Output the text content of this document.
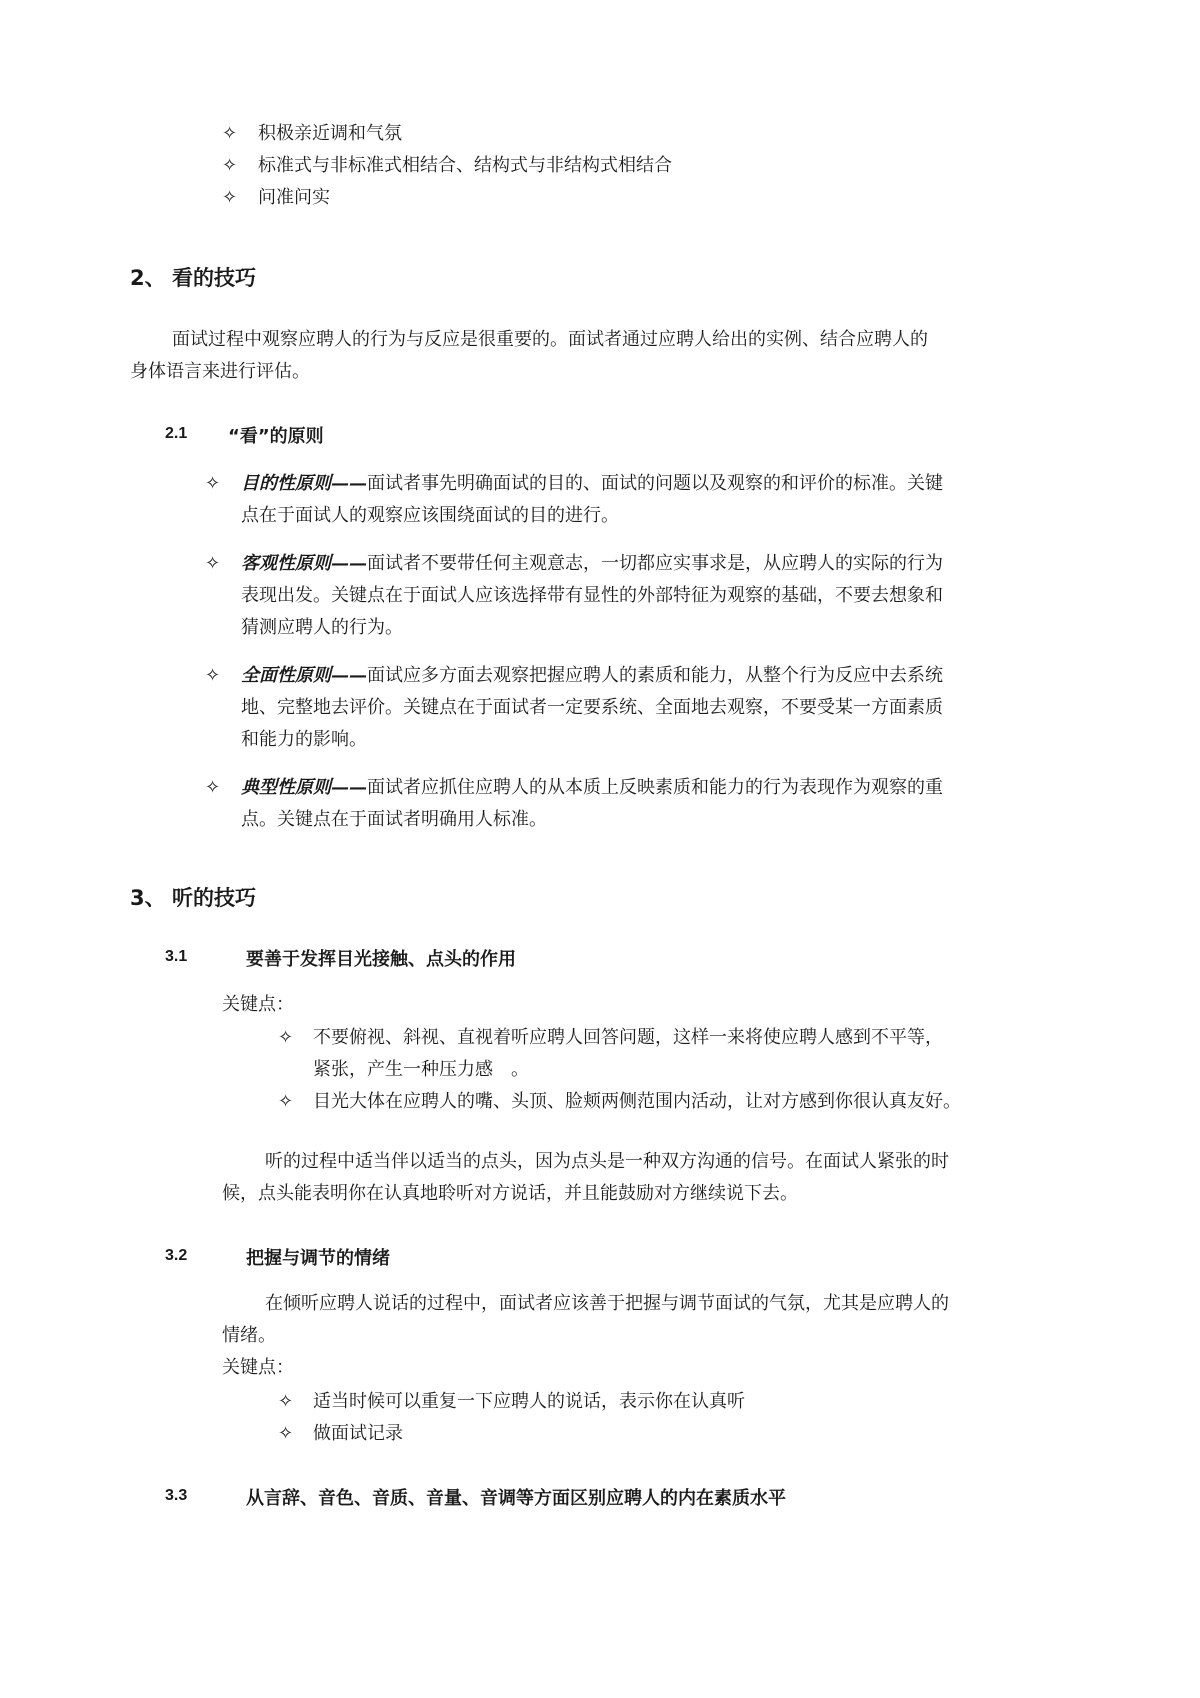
✧ 积极亲近调和气氛
✧ 标准式与非标准式相结合、结构式与非结构式相结合
✧ 问准问实
2、 看的技巧
面试过程中观察应聘人的行为与反应是很重要的。面试者通过应聘人给出的实例、结合应聘人的
身体语言来进行评估。
2.1 “看”的原则
✧ 目的性原则——面试者事先明确面试的目的、面试的问题以及观察的和评价的标准。关键
点在于面试人的观察应该围绕面试的目的进行。
✧ 客观性原则——面试者不要带任何主观意志，一切都应实事求是，从应聘人的实际的行为
表现出发。关键点在于面试人应该选择带有显性的外部特征为观察的基础，不要去想象和
猜测应聘人的行为。
✧ 全面性原则——面试应多方面去观察把握应聘人的素质和能力，从整个行为反应中去系统
地、完整地去评价。关键点在于面试者一定要系统、全面地去观察，不要受某一方面素质
和能力的影响。
✧ 典型性原则——面试者应抓住应聘人的从本质上反映素质和能力的行为表现作为观察的重
点。关键点在于面试者明确用人标准。
3、 听的技巧
3.1	要善于发挥目光接触、点头的作用
关键点：
✧ 不要俯视、斜视、直视着听应聘人回答问题，这样一来将使应聘人感到不平等，
紧张，产生一种压力感　。
✧ 目光大体在应聘人的嘴、头顶、脸颊两侧范围内活动，让对方感到你很认真友好。
听的过程中适当伴以适当的点头，因为点头是一种双方沟通的信号。在面试人紧张的时
候，点头能表明你在认真地聆听对方说话，并且能鼓励对方继续说下去。
3.2	把握与调节的情绪
在倾听应聘人说话的过程中，面试者应该善于把握与调节面试的气氛，尤其是应聘人的
情绪。
关键点：
✧ 适当时候可以重复一下应聘人的说话，表示你在认真听
✧ 做面试记录
3.3	从言辞、音色、音质、音量、音调等方面区别应聘人的内在素质水平
